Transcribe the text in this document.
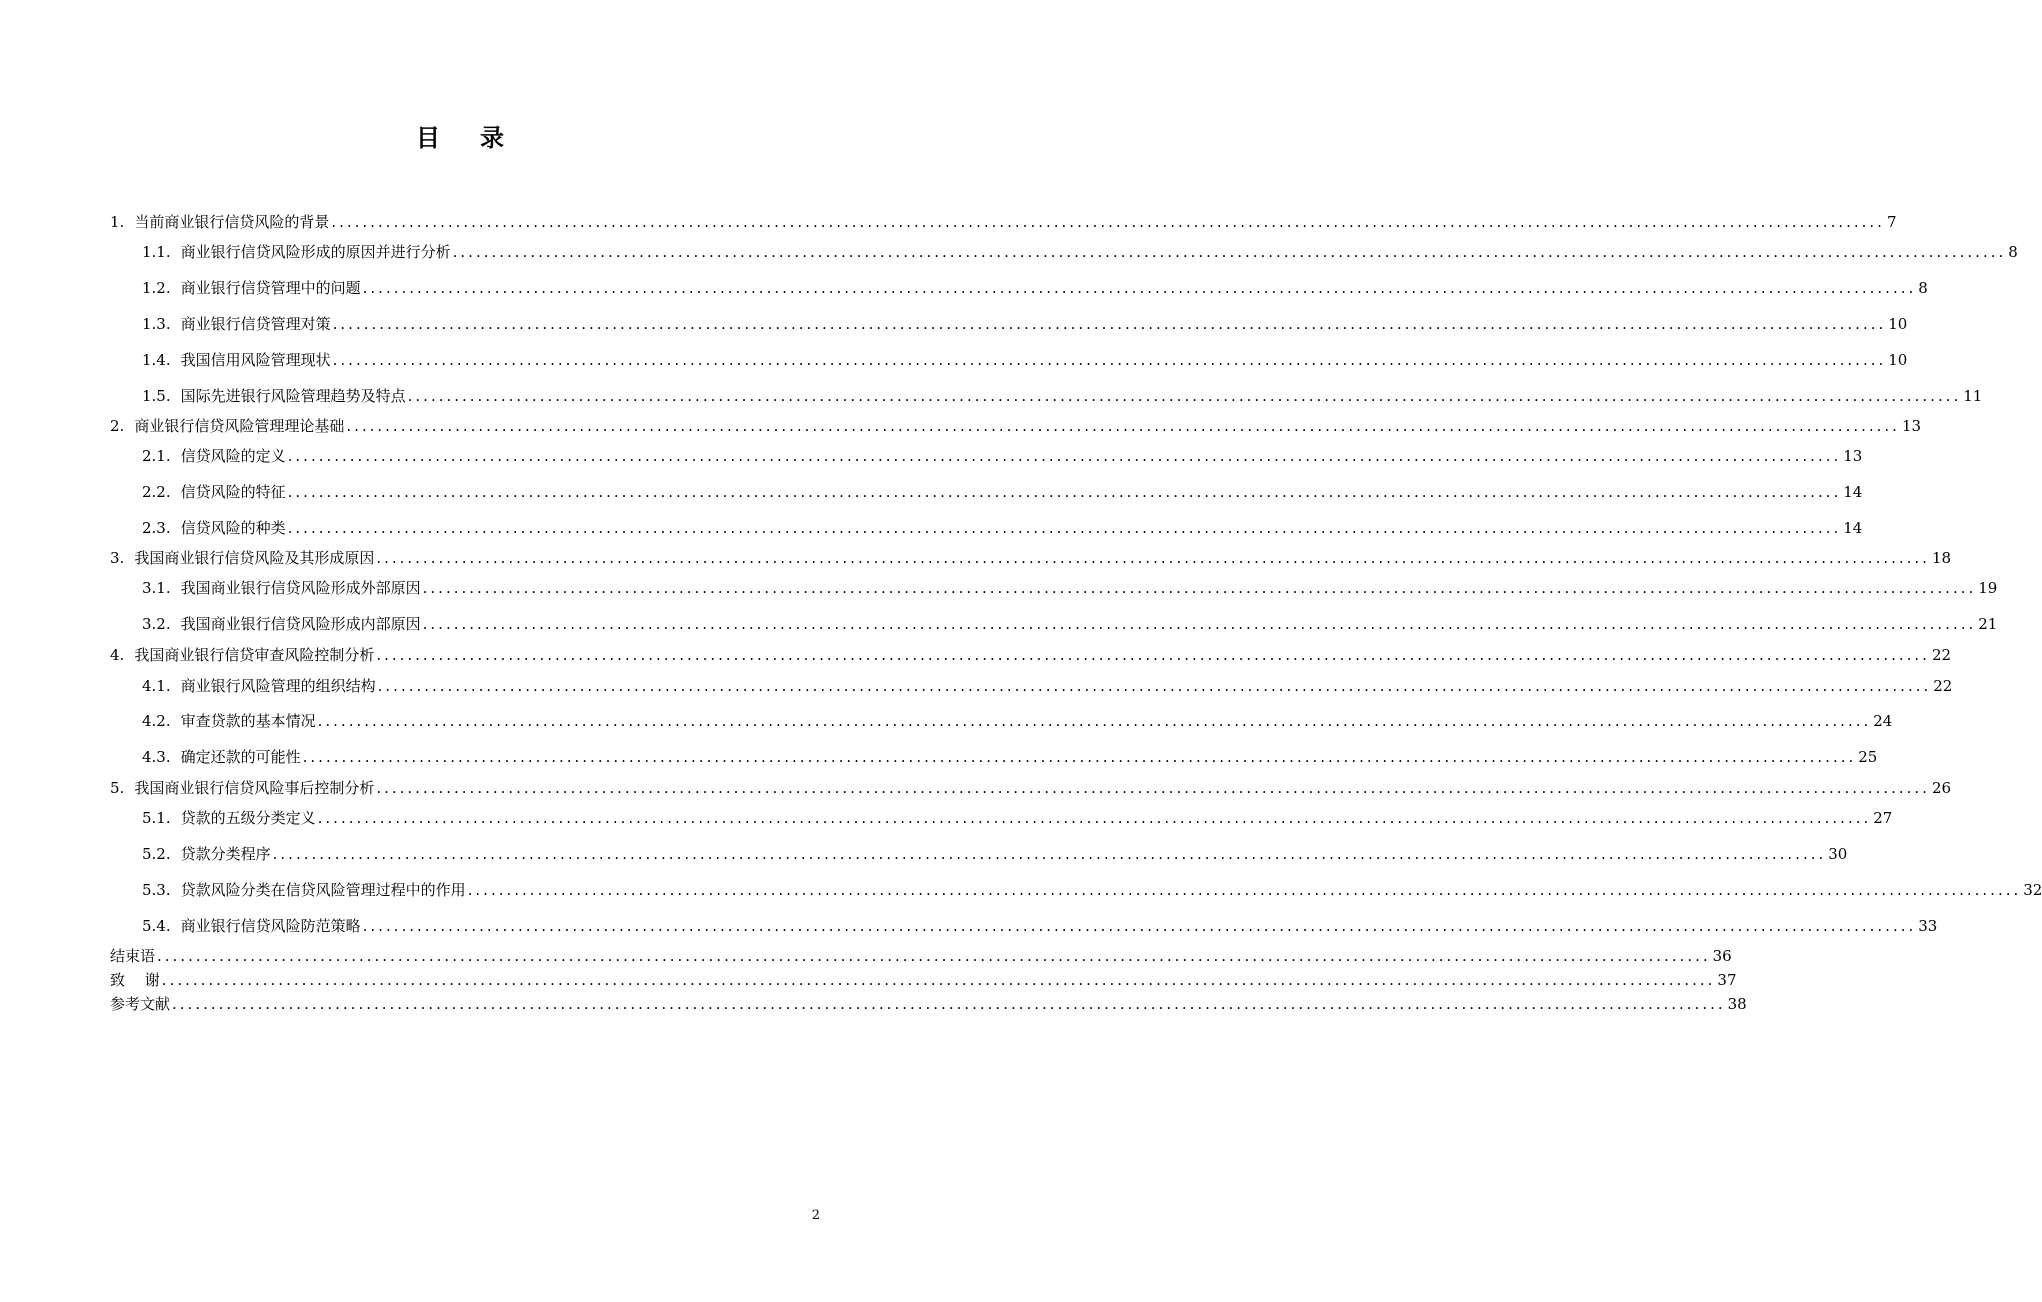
目 录
1. 当前商业银行信贷风险的背景 ........................................................................................................................................................................................................ 7
1.1. 商业银行信贷风险形成的原因并进行分析 ........................................................................................................................................................................................................ 8
1.2. 商业银行信贷管理中的问题 ........................................................................................................................................................................................................ 8
1.3. 商业银行信贷管理对策 ........................................................................................................................................................................................................ 10
1.4. 我国信用风险管理现状 ........................................................................................................................................................................................................ 10
1.5. 国际先进银行风险管理趋势及特点 ........................................................................................................................................................................................................ 11
2. 商业银行信贷风险管理理论基础 ........................................................................................................................................................................................................ 13
2.1. 信贷风险的定义 ........................................................................................................................................................................................................ 13
2.2. 信贷风险的特征 ........................................................................................................................................................................................................ 14
2.3. 信贷风险的种类 ........................................................................................................................................................................................................ 14
3. 我国商业银行信贷风险及其形成原因 ........................................................................................................................................................................................................ 18
3.1. 我国商业银行信贷风险形成外部原因 ........................................................................................................................................................................................................ 19
3.2. 我国商业银行信贷风险形成内部原因 ........................................................................................................................................................................................................ 21
4. 我国商业银行信贷审查风险控制分析 ........................................................................................................................................................................................................ 22
4.1. 商业银行风险管理的组织结构 ........................................................................................................................................................................................................ 22
4.2. 审查贷款的基本情况 ........................................................................................................................................................................................................ 24
4.3. 确定还款的可能性 ........................................................................................................................................................................................................ 25
5. 我国商业银行信贷风险事后控制分析 ........................................................................................................................................................................................................ 26
5.1. 贷款的五级分类定义 ........................................................................................................................................................................................................ 27
5.2. 贷款分类程序 ........................................................................................................................................................................................................ 30
5.3. 贷款风险分类在信贷风险管理过程中的作用 ........................................................................................................................................................................................................ 32
5.4. 商业银行信贷风险防范策略 ........................................................................................................................................................................................................ 33
结束语 ........................................................................................................................................................................................................ 36
致　 谢 ........................................................................................................................................................................................................ 37
参考文献 ........................................................................................................................................................................................................ 38
2
